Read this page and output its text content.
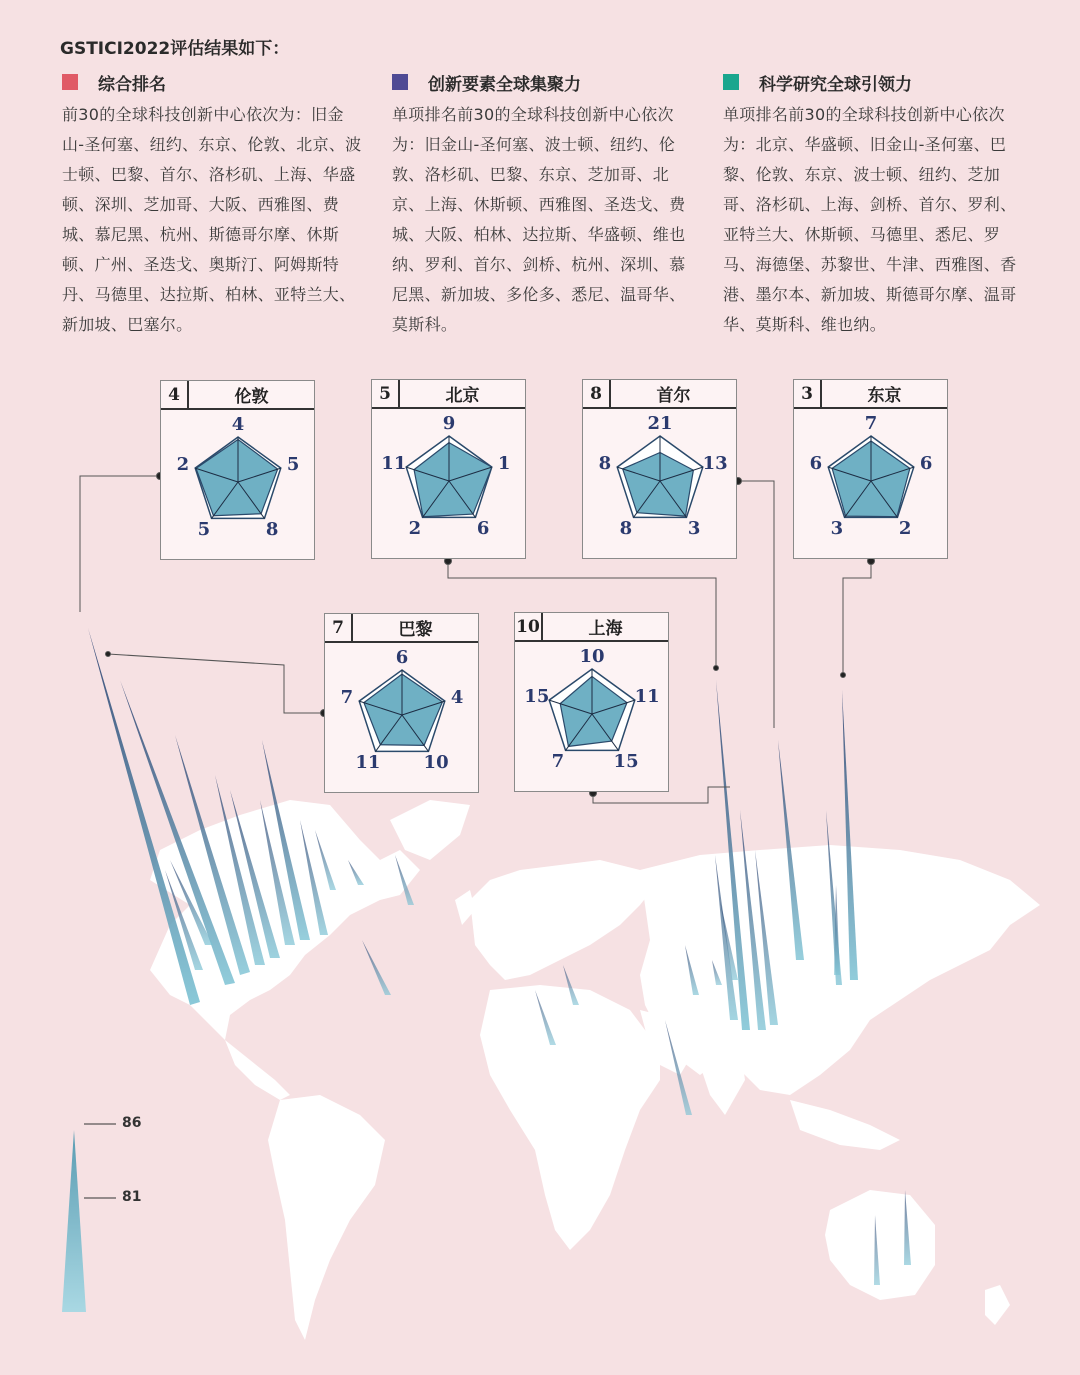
GSTICI2022评估结果如下：
综合排名
前30的全球科技创新中心依次为：旧金山-圣何塞、纽约、东京、伦敦、北京、波士顿、巴黎、首尔、洛杉矶、上海、华盛顿、深圳、芝加哥、大阪、西雅图、费城、慕尼黑、杭州、斯德哥尔摩、休斯顿、广州、圣迭戈、奥斯汀、阿姆斯特丹、马德里、达拉斯、柏林、亚特兰大、新加坡、巴塞尔。
创新要素全球集聚力
单项排名前30的全球科技创新中心依次为：旧金山-圣何塞、波士顿、纽约、伦敦、洛杉矶、巴黎、东京、芝加哥、北京、上海、休斯顿、西雅图、圣迭戈、费城、大阪、柏林、达拉斯、华盛顿、维也纳、罗利、首尔、剑桥、杭州、深圳、慕尼黑、新加坡、多伦多、悉尼、温哥华、莫斯科。
科学研究全球引领力
单项排名前30的全球科技创新中心依次为：北京、华盛顿、旧金山-圣何塞、巴黎、伦敦、东京、波士顿、纽约、芝加哥、洛杉矶、上海、剑桥、首尔、罗利、亚特兰大、休斯顿、马德里、悉尼、罗马、海德堡、苏黎世、牛津、西雅图、香港、墨尔本、新加坡、斯德哥尔摩、温哥华、莫斯科、维也纳。
86
81
4	伦敦
4
5
8
5
2
5	北京
9
1
6
2
11
8	首尔
21
13
3
8
8
3	东京
7
6
2
3
6
7	巴黎
6
4
10
11
7
10	上海
10
11
15
7
15
